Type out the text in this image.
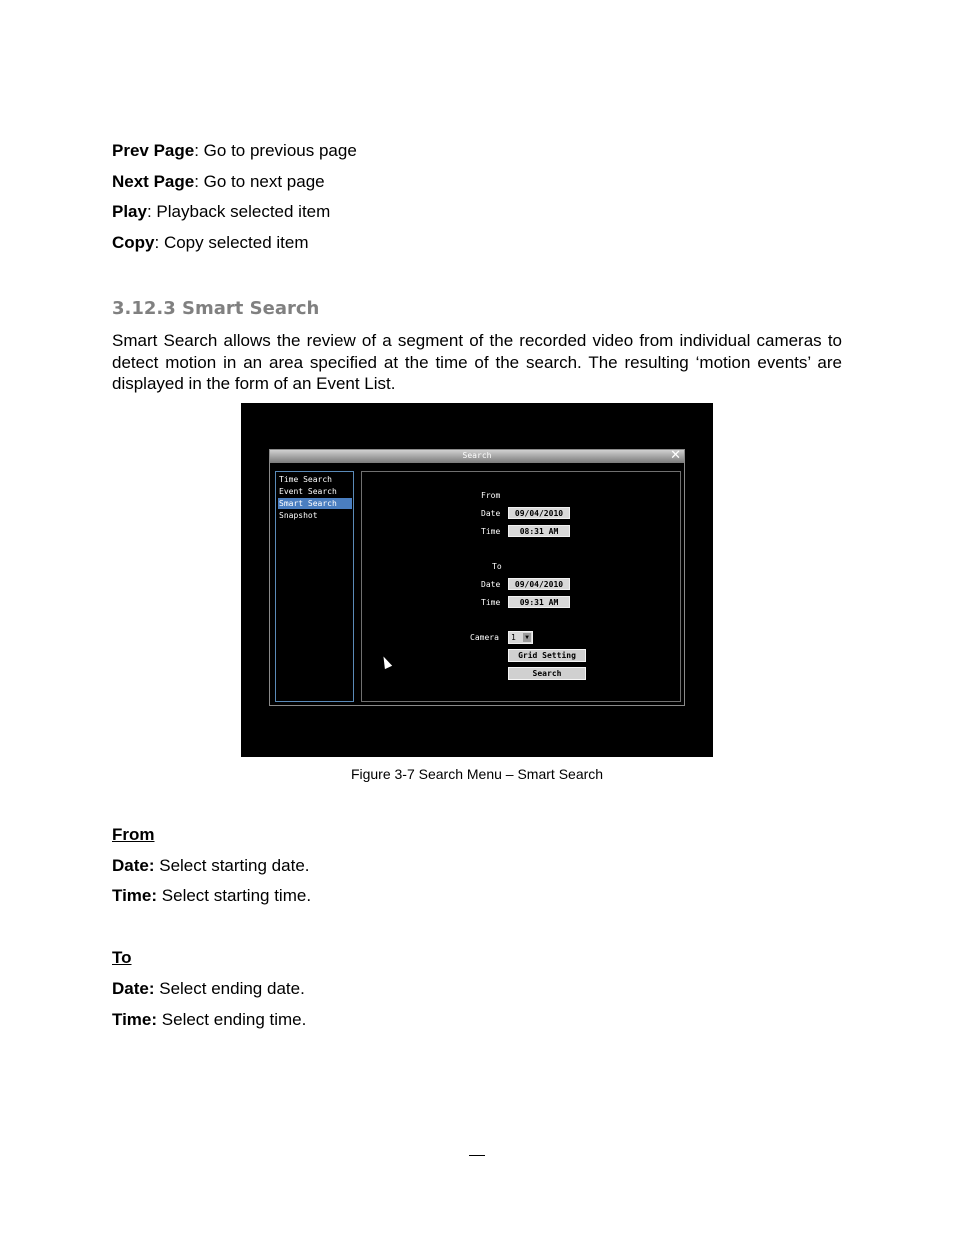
Prev Page: Go to previous page
Next Page: Go to next page
Play: Playback selected item
Copy: Copy selected item
3.12.3 Smart Search
Smart Search allows the review of a segment of the recorded video from individual cameras to detect motion in an area specified at the time of the search. The resulting ‘motion events’ are displayed in the form of an Event List.
Search	✕
Time Search
Event Search
Smart Search
Snapshot
From
Date	09/04/2010
Time	08:31 AM
To
Date	09/04/2010
Time	09:31 AM
Camera 1	▼
Grid Setting
Search
Figure 3-7 Search Menu – Smart Search
From
Date: Select starting date.
Time: Select starting time.
To
Date: Select ending date.
Time: Select ending time.
